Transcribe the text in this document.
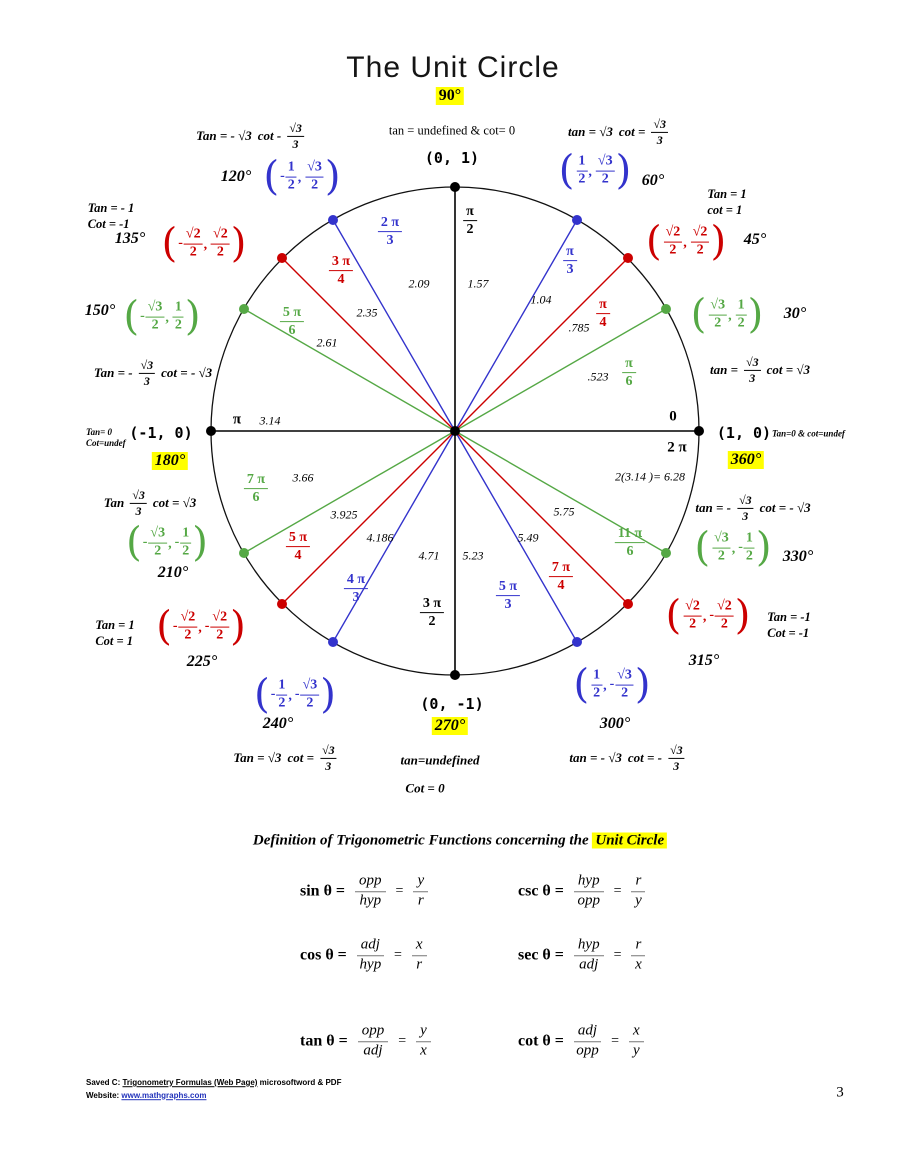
The Unit Circle
90°
Tan = - √3 cot - $\frac{√3}{3}$	tan = undefined & cot= 0	tan = √3 $\cot = \frac{√3}{3}$
(0, 1)
120° ( - $\frac{1}{2}$
, $\frac{√3}{2}$
)	( $\frac{1}{2}$
, $\frac{√3}{2}$
) 60°
Tan = - 1
Cot = -1
135° ( - $\frac{√2}{2}$
, $\frac{√2}{2}$
)
Tan = 1
cot = 1
( $\frac{√2}{2}$
, $\frac{√2}{2}$
) 45°
150° ( - $\frac{√3}{2}$
, $\frac{1}{2}$
)	( $\frac{√3}{2}$
, $\frac{1}{2}$
) 30°
Tan = - $\frac{√3}{3}$ cot = - √3	$\tan = \frac{√3}{3}$ cot = √3
Tan= 0
Cot=undef
(-1, 0)
180°
π 3.14	0
2 π
2(3.14 )= 6.28
(1, 0) Tan=0 & cot=undef
360°
π
2
2 π
3
3 π
4
5 π
6
π
3
π
4
π
6
7 π
6
5 π
4
4 π
3	3 π
2
5 π
3
7 π
4
11 π
6
1.57
2.09
2.35
2.61
1.04
.785
.523
3.66
3.925
4.186
4.71 5.23
5.49
5.75
Tan $\frac{√3}{3}$ cot = √3
( - $\frac{√3}{2}$ , - $\frac{1}{2}$
)
210°
tan = - $\frac{√3}{3}$ cot = - √3
( $\frac{√3}{2}$ , - $\frac{1}{2}$
) 330°
Tan = 1
Cot = 1
( - $\frac{√2}{2}$ , - $\frac{√2}{2}$
)
225°
( $\frac{√2}{2}$ , - $\frac{√2}{2}$
)	Tan = -1
Cot = -1
315°
( - $\frac{1}{2}$ , - $\frac{√3}{2}$
)
240°
( $\frac{1}{2}$ , - $\frac{√3}{2}$
)
300°
(0, -1)
270°
Tan = √3 $\cot = \frac{√3}{3}$	tan=undefined
Cot = 0
tan = - √3 cot = - $\frac{√3}{3}$
Definition of Trigonometric Functions concerning the Unit Circle
$\sin \theta = \frac{\text{opp}}{\text{hyp}} = \frac{y}{r}$	$\csc \theta = \frac{\text{hyp}}{\text{opp}} = \frac{r}{y}$
$\cos \theta = \frac{\text{adj}}{\text{hyp}} = \frac{x}{r}$	$\sec \theta = \frac{\text{hyp}}{\text{adj}} = \frac{r}{x}$
$\tan \theta = \frac{\text{opp}}{\text{adj}} = \frac{y}{x}$	$\cot \theta = \frac{\text{adj}}{\text{opp}} = \frac{x}{y}$
Saved C: Trigonometry Formulas (Web Page) microsoftword & PDF
Website: www.mathgraphs.com	3
